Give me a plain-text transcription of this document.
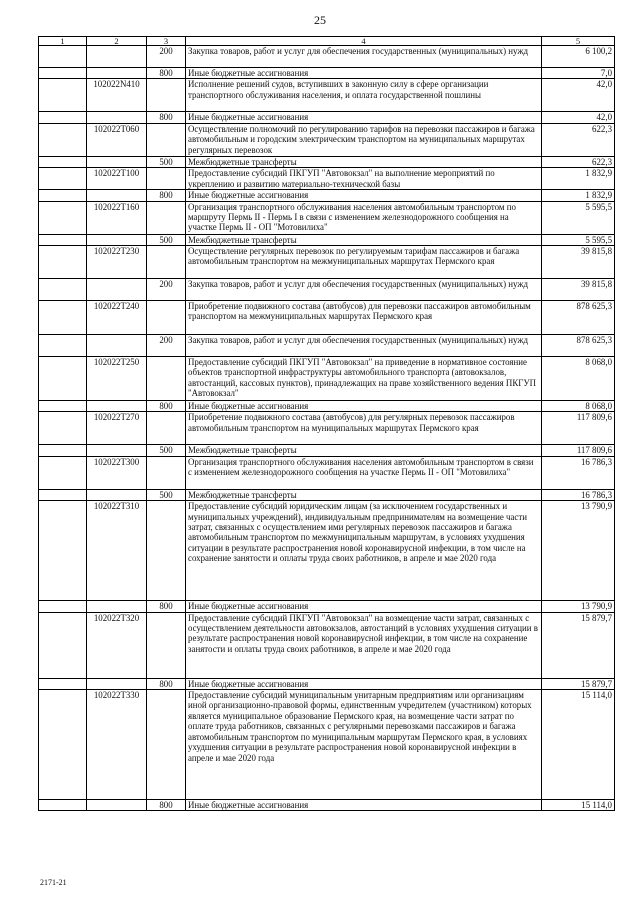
25
1	2	3	4	5
		200	Закупка товаров, работ и услуг для обеспечения государственных (муниципальных) нужд	6 100,2
		800	Иные бюджетные ассигнования	7,0
	102022N410		Исполнение решений судов, вступивших в законную силу в сфере организации транспортного обслуживания населения, и оплата государственной пошлины	42,0
		800	Иные бюджетные ассигнования	42,0
	102022T060		Осуществление полномочий по регулированию тарифов на перевозки пассажиров и багажа автомобильным и городским электрическим транспортом на муниципальных маршрутах регулярных перевозок	622,3
		500	Межбюджетные трансферты	622,3
	102022T100		Предоставление субсидий ПКГУП "Автовокзал" на выполнение мероприятий по укреплению и развитию материально-технической базы	1 832,9
		800	Иные бюджетные ассигнования	1 832,9
	102022T160		Организация транспортного обслуживания населения автомобильным транспортом по маршруту Пермь II - Пермь I в связи с изменением железнодорожного сообщения на участке Пермь II - ОП "Мотовилиха"	5 595,5
		500	Межбюджетные трансферты	5 595,5
	102022T230		Осуществление регулярных перевозок по регулируемым тарифам пассажиров и багажа автомобильным транспортом на межмуниципальных маршрутах Пермского края	39 815,8
		200	Закупка товаров, работ и услуг для обеспечения государственных (муниципальных) нужд	39 815,8
	102022T240		Приобретение подвижного состава (автобусов) для перевозки пассажиров автомобильным транспортом на межмуниципальных маршрутах Пермского края	878 625,3
		200	Закупка товаров, работ и услуг для обеспечения государственных (муниципальных) нужд	878 625,3
	102022T250		Предоставление субсидий ПКГУП "Автовокзал" на приведение в нормативное состояние объектов транспортной инфраструктуры автомобильного транспорта (автовокзалов, автостанций, кассовых пунктов), принадлежащих на праве хозяйственного ведения ПКГУП "Автовокзал"	8 068,0
		800	Иные бюджетные ассигнования	8 068,0
	102022T270		Приобретение подвижного состава (автобусов) для регулярных перевозок пассажиров автомобильным транспортом на муниципальных маршрутах Пермского края	117 809,6
		500	Межбюджетные трансферты	117 809,6
	102022T300		Организация транспортного обслуживания населения автомобильным транспортом в связи с изменением железнодорожного сообщения на участке Пермь II - ОП "Мотовилиха"	16 786,3
		500	Межбюджетные трансферты	16 786,3
	102022T310		Предоставление субсидий юридическим лицам (за исключением государственных и муниципальных учреждений), индивидуальным предпринимателям на возмещение части затрат, связанных с осуществлением ими регулярных перевозок пассажиров и багажа автомобильным транспортом по межмуниципальным маршрутам, в условиях ухудшения ситуации в результате распространения новой коронавирусной инфекции, в том числе на сохранение занятости и оплаты труда своих работников, в апреле и мае 2020 года	13 790,9
		800	Иные бюджетные ассигнования	13 790,9
	102022T320		Предоставление субсидий ПКГУП "Автовокзал" на возмещение части затрат, связанных с осуществлением деятельности автовокзалов, автостанций в условиях ухудшения ситуации в результате распространения новой коронавирусной инфекции, в том числе на сохранение занятости и оплаты труда своих работников, в апреле и мае 2020 года	15 879,7
		800	Иные бюджетные ассигнования	15 879,7
	102022T330		Предоставление субсидий муниципальным унитарным предприятиям или организациям иной организационно-правовой формы, единственным учредителем (участником) которых является муниципальное образование Пермского края, на возмещение части затрат по оплате труда работников, связанных с регулярными перевозками пассажиров и багажа автомобильным транспортом по муниципальным маршрутам Пермского края, в условиях ухудшения ситуации в результате распространения новой коронавирусной инфекции в апреле и мае 2020 года	15 114,0
		800	Иные бюджетные ассигнования	15 114,0
2171-21
